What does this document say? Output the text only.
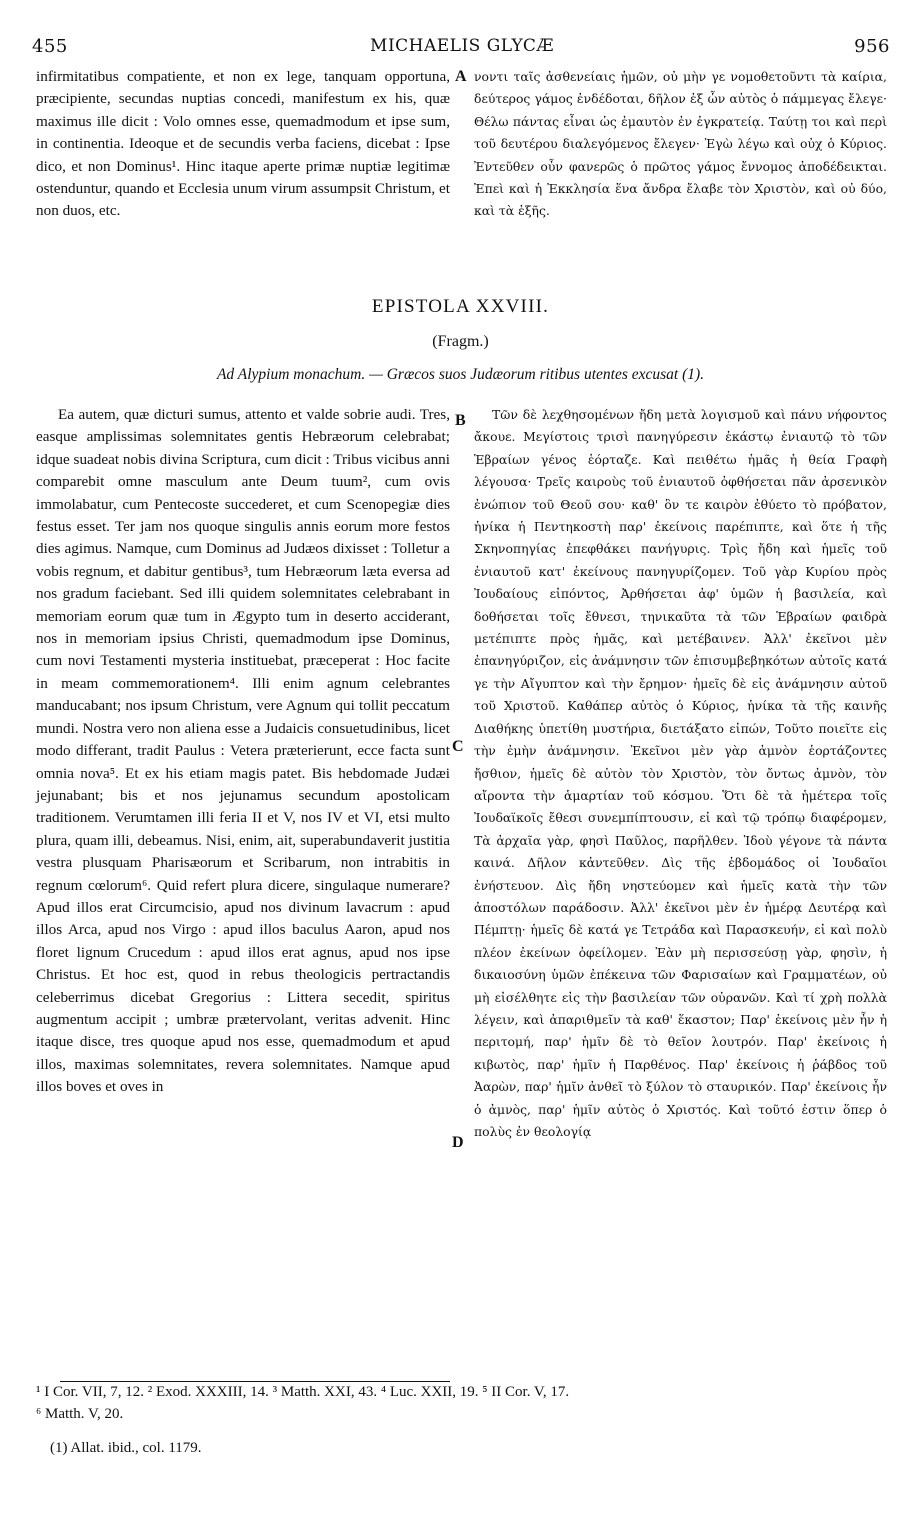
455	MICHAELIS GLYCÆ	956

infirmitatibus compatiente, et non ex lege, tanquam opportuna, præcipiente, secundas nuptias concedi, manifestum ex his, quæ maximus ille dicit : Volo omnes esse, quemadmodum et ipse sum, in continentia. Ideoque et de secundis verba faciens, dicebat : Ipse dico, et non Dominus¹. Hinc itaque aperte primæ nuptiæ legitimæ ostenduntur, quando et Ecclesia unum virum assumpsit Christum, et non duos, etc.

A νοντι ταῖς ἀσθενείαις ἡμῶν, οὐ μὴν γε νομοθετοῦντι τὰ καίρια, δεύτερος γάμος ἐνδέδοται, δῆλον ἐξ ὧν αὐτὸς ὁ πάμμεγας ἔλεγε· Θέλω πάντας εἶναι ὡς ἐμαυτὸν ἐν ἐγκρατείᾳ. Ταύτῃ τοι καὶ περὶ τοῦ δευτέρου διαλεγόμενος ἔλεγεν· Ἐγὼ λέγω καὶ οὐχ ὁ Κύριος. Ἐντεῦθεν οὖν φανερῶς ὁ πρῶτος γάμος ἔννομος ἀποδέδεικται. Ἐπεὶ καὶ ἡ Ἐκκλησία ἕνα ἄνδρα ἔλαβε τὸν Χριστὸν, καὶ οὐ δύο, καὶ τὰ ἑξῆς.

EPISTOLA XXVIII.
(Fragm.)
Ad Alypium monachum. — Græcos suos Judæorum ritibus utentes excusat (1).

Ea autem, quæ dicturi sumus, attento et valde sobrie audi. Tres, easque amplissimas solemnitates gentis Hebræorum celebrabat; idque suadeat nobis divina Scriptura, cum dicit : Tribus vicibus anni comparebit omne masculum ante Deum tuum², cum ovis immolabatur, cum Pentecoste succederet, et cum Scenopegiæ dies festus esset. Ter jam nos quoque singulis annis eorum more festos dies agimus. Namque, cum Dominus ad Judæos dixisset : Tolletur a vobis regnum, et dabitur gentibus³, tum Hebræorum læta eversa ad nos gradum faciebant. Sed illi quidem solemnitates celebrabant in memoriam eorum quæ tum in Ægypto tum in deserto acciderant, nos in memoriam ipsius Christi, quemadmodum ipse Dominus, cum novi Testamenti mysteria instituebat, præceperat : Hoc facite in meam commemorationem⁴. Illi enim agnum celebrantes manducabant; nos ipsum Christum, vere Agnum qui tollit peccatum mundi. Nostra vero non aliena esse a Judaicis consuetudinibus, licet modo differant, tradit Paulus : Vetera præterierunt, ecce facta sunt omnia nova⁵. Et ex his etiam magis patet. Bis hebdomade Judæi jejunabant; bis et nos jejunamus secundum apostolicam traditionem. Verumtamen illi feria II et V, nos IV et VI, etsi multo plura, quam illi, debeamus. Nisi, enim, ait, superabundaverit justitia vestra plusquam Pharisæorum et Scribarum, non intrabitis in regnum cœlorum⁶. Quid refert plura dicere, singulaque numerare? Apud illos erat Circumcisio, apud nos divinum lavacrum : apud illos Arca, apud nos Virgo : apud illos baculus Aaron, apud nos floret lignum Crucedum : apud illos erat agnus, apud nos ipse Christus. Et hoc est, quod in rebus theologicis pertractandis celeberrimus dicebat Gregorius : Littera secedit, spiritus augmentum accipit ; umbræ prætervolant, veritas advenit. Hinc itaque disce, tres quoque apud nos esse, quemadmodum et apud illos, maximas solemnitates, revera solemnitates. Namque apud illos boves et oves in

B
C
D

Τῶν δὲ λεχθησομένων ἤδη μετὰ λογισμοῦ καὶ πάνυ νήφοντος ἄκουε. Μεγίστοις τρισὶ πανηγύρεσιν ἑκάστῳ ἐνιαυτῷ τὸ τῶν Ἑβραίων γένος ἑόρταζε. Καὶ πειθέτω ἡμᾶς ἡ θεία Γραφὴ λέγουσα· Τρεῖς καιροὺς τοῦ ἐνιαυτοῦ ὀφθήσεται πᾶν ἀρσενικὸν ἐνώπιον τοῦ Θεοῦ σου· καθ' ὃν τε καιρὸν ἐθύετο τὸ πρόβατον, ἡνίκα ἡ Πεντηκοστὴ παρ' ἐκείνοις παρέπιπτε, καὶ ὅτε ἡ τῆς Σκηνοπηγίας ἐπεφθάκει πανήγυρις. Τρὶς ἤδη καὶ ἡμεῖς τοῦ ἐνιαυτοῦ κατ' ἐκείνους πανηγυρίζομεν. Τοῦ γὰρ Κυρίου πρὸς Ἰουδαίους εἰπόντος, Ἀρθήσεται ἀφ' ὑμῶν ἡ βασιλεία, καὶ δοθήσεται τοῖς ἔθνεσι, τηνικαῦτα τὰ τῶν Ἑβραίων φαιδρὰ μετέπιπτε πρὸς ἡμᾶς, καὶ μετέβαινεν. Ἀλλ' ἐκεῖνοι μὲν ἐπανηγύριζον, εἰς ἀνάμνησιν τῶν ἐπισυμβεβηκότων αὐτοῖς κατά γε τὴν Αἴγυπτον καὶ τὴν ἔρημον· ἡμεῖς δὲ εἰς ἀνάμνησιν αὐτοῦ τοῦ Χριστοῦ. Καθάπερ αὐτὸς ὁ Κύριος, ἡνίκα τὰ τῆς καινῆς Διαθήκης ὑπετίθη μυστήρια, διετάξατο εἰπών, Τοῦτο ποιεῖτε εἰς τὴν ἐμὴν ἀνάμνησιν. Ἐκεῖνοι μὲν γὰρ ἀμνὸν ἑορτάζοντες ἤσθιον, ἡμεῖς δὲ αὐτὸν τὸν Χριστὸν, τὸν ὄντως ἀμνὸν, τὸν αἴροντα τὴν ἁμαρτίαν τοῦ κόσμου. Ὅτι δὲ τὰ ἡμέτερα τοῖς Ἰουδαϊκοῖς ἔθεσι συνεμπίπτουσιν, εἰ καὶ τῷ τρόπῳ διαφέρομεν, Τὰ ἀρχαῖα γὰρ, φησὶ Παῦλος, παρῆλθεν. Ἰδοὺ γέγονε τὰ πάντα καινά. Δῆλον κἀντεῦθεν. Δὶς τῆς ἑβδομάδος οἱ Ἰουδαῖοι ἐνήστευον. Δὶς ἤδη νηστεύομεν καὶ ἡμεῖς κατὰ τὴν τῶν ἀποστόλων παράδοσιν. Ἀλλ' ἐκεῖνοι μὲν ἐν ἡμέρᾳ Δευτέρᾳ καὶ Πέμπτῃ· ἡμεῖς δὲ κατά γε Τετράδα καὶ Παρασκευήν, εἰ καὶ πολὺ πλέον ἐκείνων ὀφείλομεν. Ἐὰν μὴ περισσεύσῃ γὰρ, φησὶν, ἡ δικαιοσύνη ὑμῶν ἐπέκεινα τῶν Φαρισαίων καὶ Γραμματέων, οὐ μὴ εἰσέλθητε εἰς τὴν βασιλείαν τῶν οὐρανῶν. Καὶ τί χρὴ πολλὰ λέγειν, καὶ ἀπαριθμεῖν τὰ καθ' ἕκαστον; Παρ' ἐκείνοις μὲν ἦν ἡ περιτομή, παρ' ἡμῖν δὲ τὸ θεῖον λουτρόν. Παρ' ἐκείνοις ἡ κιβωτὸς, παρ' ἡμῖν ἡ Παρθένος. Παρ' ἐκείνοις ἡ ῥάβδος τοῦ Ἀαρὼν, παρ' ἡμῖν ἀνθεῖ τὸ ξύλον τὸ σταυρικόν. Παρ' ἐκείνοις ἦν ὁ ἀμνὸς, παρ' ἡμῖν αὐτὸς ὁ Χριστός. Καὶ τοῦτό ἐστιν ὅπερ ὁ πολὺς ἐν θεολογίᾳ

¹ I Cor. VII, 7, 12. ² Exod. XXXIII, 14. ³ Matth. XXI, 43. ⁴ Luc. XXII, 19. ⁵ II Cor. V, 17.
⁶ Matth. V, 20.
(1) Allat. ibid., col. 1179.
